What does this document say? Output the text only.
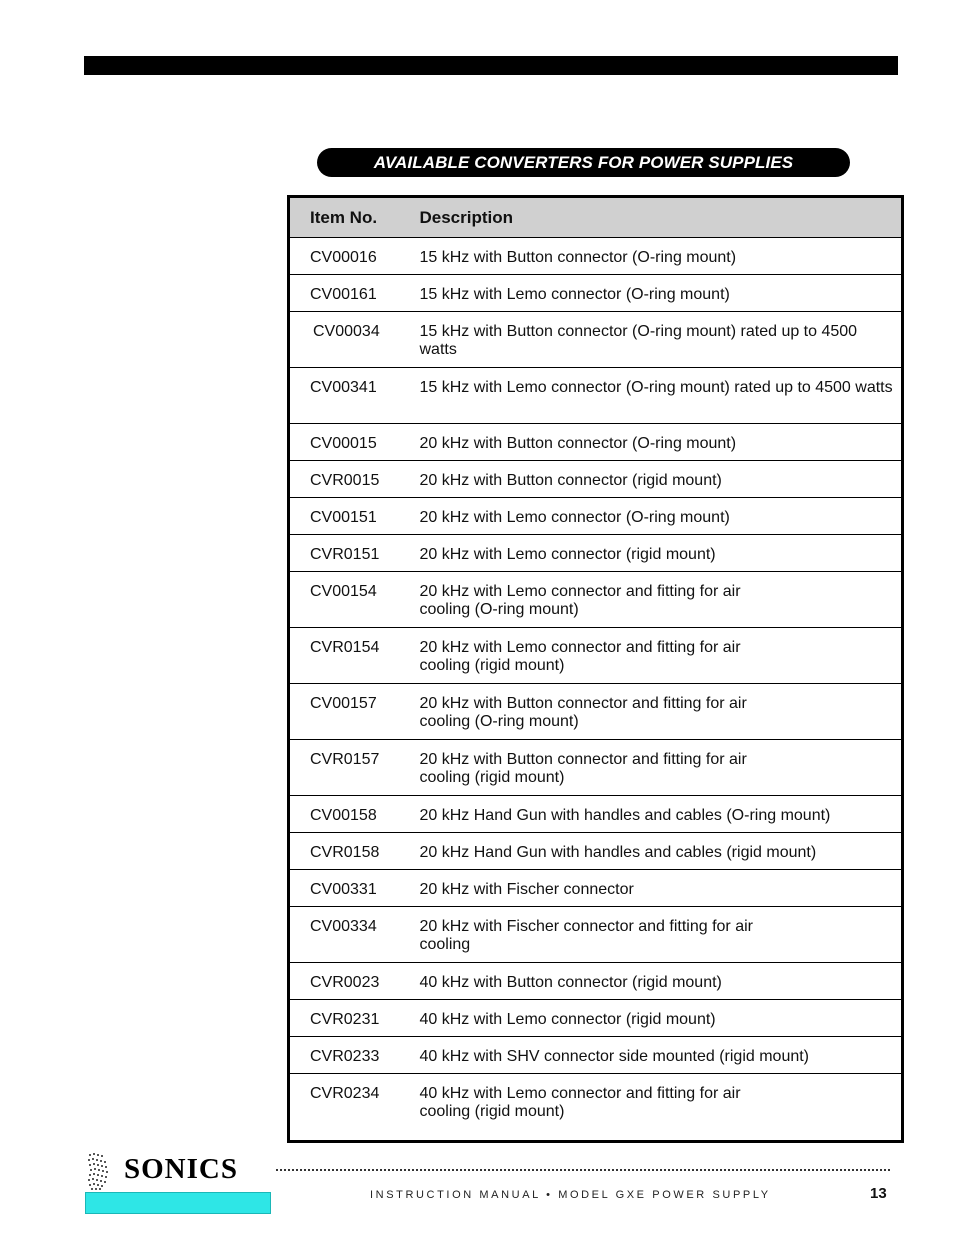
AVAILABLE CONVERTERS FOR POWER SUPPLIES
Item No.	Description
CV00016	15 kHz with Button connector (O-ring mount)
CV00161	15 kHz with Lemo connector (O-ring mount)
CV00034	15 kHz with Button connector (O-ring mount) rated up to 4500 watts
CV00341	15 kHz with Lemo connector (O-ring mount) rated up to 4500 watts
CV00015	20 kHz with Button connector (O-ring mount)
CVR0015	20 kHz with Button connector (rigid mount)
CV00151	20 kHz with Lemo connector (O-ring mount)
CVR0151	20 kHz with Lemo connector (rigid mount)
CV00154	20 kHz with Lemo connector and fitting for air cooling (O-ring mount)
CVR0154	20 kHz with Lemo connector and fitting for air cooling (rigid mount)
CV00157	20 kHz with Button connector and fitting for air cooling (O-ring mount)
CVR0157	20 kHz with Button connector and fitting for air cooling (rigid mount)
CV00158	20 kHz Hand Gun with handles and cables (O-ring mount)
CVR0158	20 kHz Hand Gun with handles and cables (rigid mount)
CV00331	20 kHz with Fischer connector
CV00334	20 kHz with Fischer connector and fitting for air cooling
CVR0023	40 kHz with Button connector (rigid mount)
CVR0231	40 kHz with Lemo connector (rigid mount)
CVR0233	40 kHz with SHV connector side mounted (rigid mount)
CVR0234	40 kHz with Lemo connector and fitting for air cooling (rigid mount)
SONICS
INSTRUCTION MANUAL • MODEL GXE POWER SUPPLY	13
